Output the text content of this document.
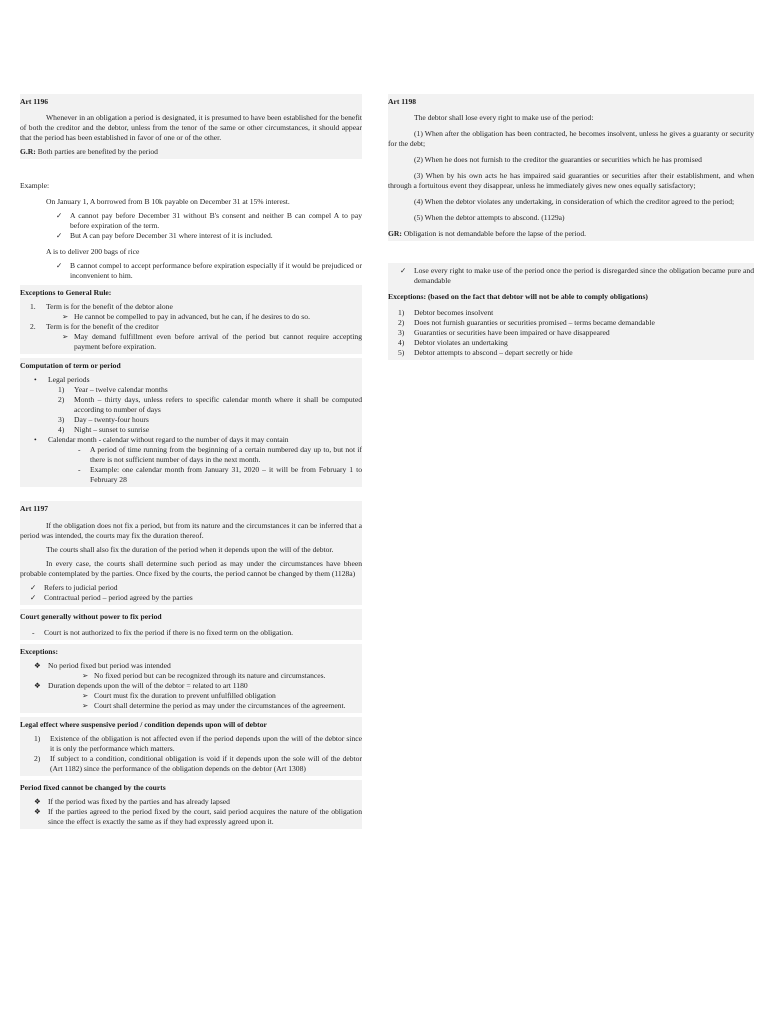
Art 1196

Whenever in an obligation a period is designated, it is presumed to have been established for the benefit of both the creditor and the debtor, unless from the tenor of the same or other circumstances, it should appear that the period has been established in favor of one or of the other.

G.R: Both parties are benefited by the period

Example:

On January 1, A borrowed from B 10k payable on December 31 at 15% interest.

✓	A cannot pay before December 31 without B's consent and neither B can compel A to pay before expiration of the term.
✓	But A can pay before December 31 where interest of it is included.

A is to deliver 200 bags of rice

✓	B cannot compel to accept performance before expiration especially if it would be prejudiced or inconvenient to him.

Exceptions to General Rule:

1.	Term is for the benefit of the debtor alone
➢ He cannot be compelled to pay in advanced, but he can, if he desires to do so.
2.	Term is for the benefit of the creditor
➢ May demand fulfillment even before arrival of the period but cannot require accepting payment before expiration.

Computation of term or period

•	Legal periods
1)	Year – twelve calendar months
2)	Month – thirty days, unless refers to specific calendar month where it shall be computed according to number of days
3)	Day – twenty-four hours
4)	Night – sunset to sunrise
•	Calendar month - calendar without regard to the number of days it may contain
-	A period of time running from the beginning of a certain numbered day up to, but not if there is not sufficient number of days in the next month.
-	Example: one calendar month from January 31, 2020 – it will be from February 1 to February 28

Art 1197

If the obligation does not fix a period, but from its nature and the circumstances it can be inferred that a period was intended, the courts may fix the duration thereof.

The courts shall also fix the duration of the period when it depends upon the will of the debtor.

In every case, the courts shall determine such period as may under the circumstances have bheen probable contemplated by the parties. Once fixed by the courts, the period cannot be changed by them (1128a)

✓	Refers to judicial period
✓	Contractual period – period agreed by the parties

Court generally without power to fix period

-	Court is not authorized to fix the period if there is no fixed term on the obligation.

Exceptions:

❖ No period fixed but period was intended
➢ No fixed period but can be recognized through its nature and circumstances.
❖ Duration depends upon the will of the debtor = related to art 1180
➢ Court must fix the duration to prevent unfulfilled obligation
➢ Court shall determine the period as may under the circumstances of the agreement.

Legal effect where suspensive period / condition depends upon will of debtor

1)	Existence of the obligation is not affected even if the period depends upon the will of the debtor since it is only the performance which matters.
2)	If subject to a condition, conditional obligation is void if it depends upon the sole will of the debtor (Art 1182) since the performance of the obligation depends on the debtor (Art 1308)

Period fixed cannot be changed by the courts

❖ If the period was fixed by the parties and has already lapsed
❖ If the parties agreed to the period fixed by the court, said period acquires the nature of the obligation since the effect is exactly the same as if they had expressly agreed upon it.

Art 1198

The debtor shall lose every right to make use of the period:

(1) When after the obligation has been contracted, he becomes insolvent, unless he gives a guaranty or security for the debt;

(2) When he does not furnish to the creditor the guaranties or securities which he has promised

(3) When by his own acts he has impaired said guaranties or securities after their establishment, and when through a fortuitous event they disappear, unless he immediately gives new ones equally satisfactory;

(4) When the debtor violates any undertaking, in consideration of which the creditor agreed to the period;

(5) When the debtor attempts to abscond. (1129a)

GR: Obligation is not demandable before the lapse of the period.

✓	Lose every right to make use of the period once the period is disregarded since the obligation became pure and demandable

Exceptions: (based on the fact that debtor will not be able to comply obligations)

1)	Debtor becomes insolvent
2)	Does not furnish guaranties or securities promised – terms became demandable
3)	Guaranties or securities have been impaired or have disappeared
4)	Debtor violates an undertaking
5)	Debtor attempts to abscond – depart secretly or hide
